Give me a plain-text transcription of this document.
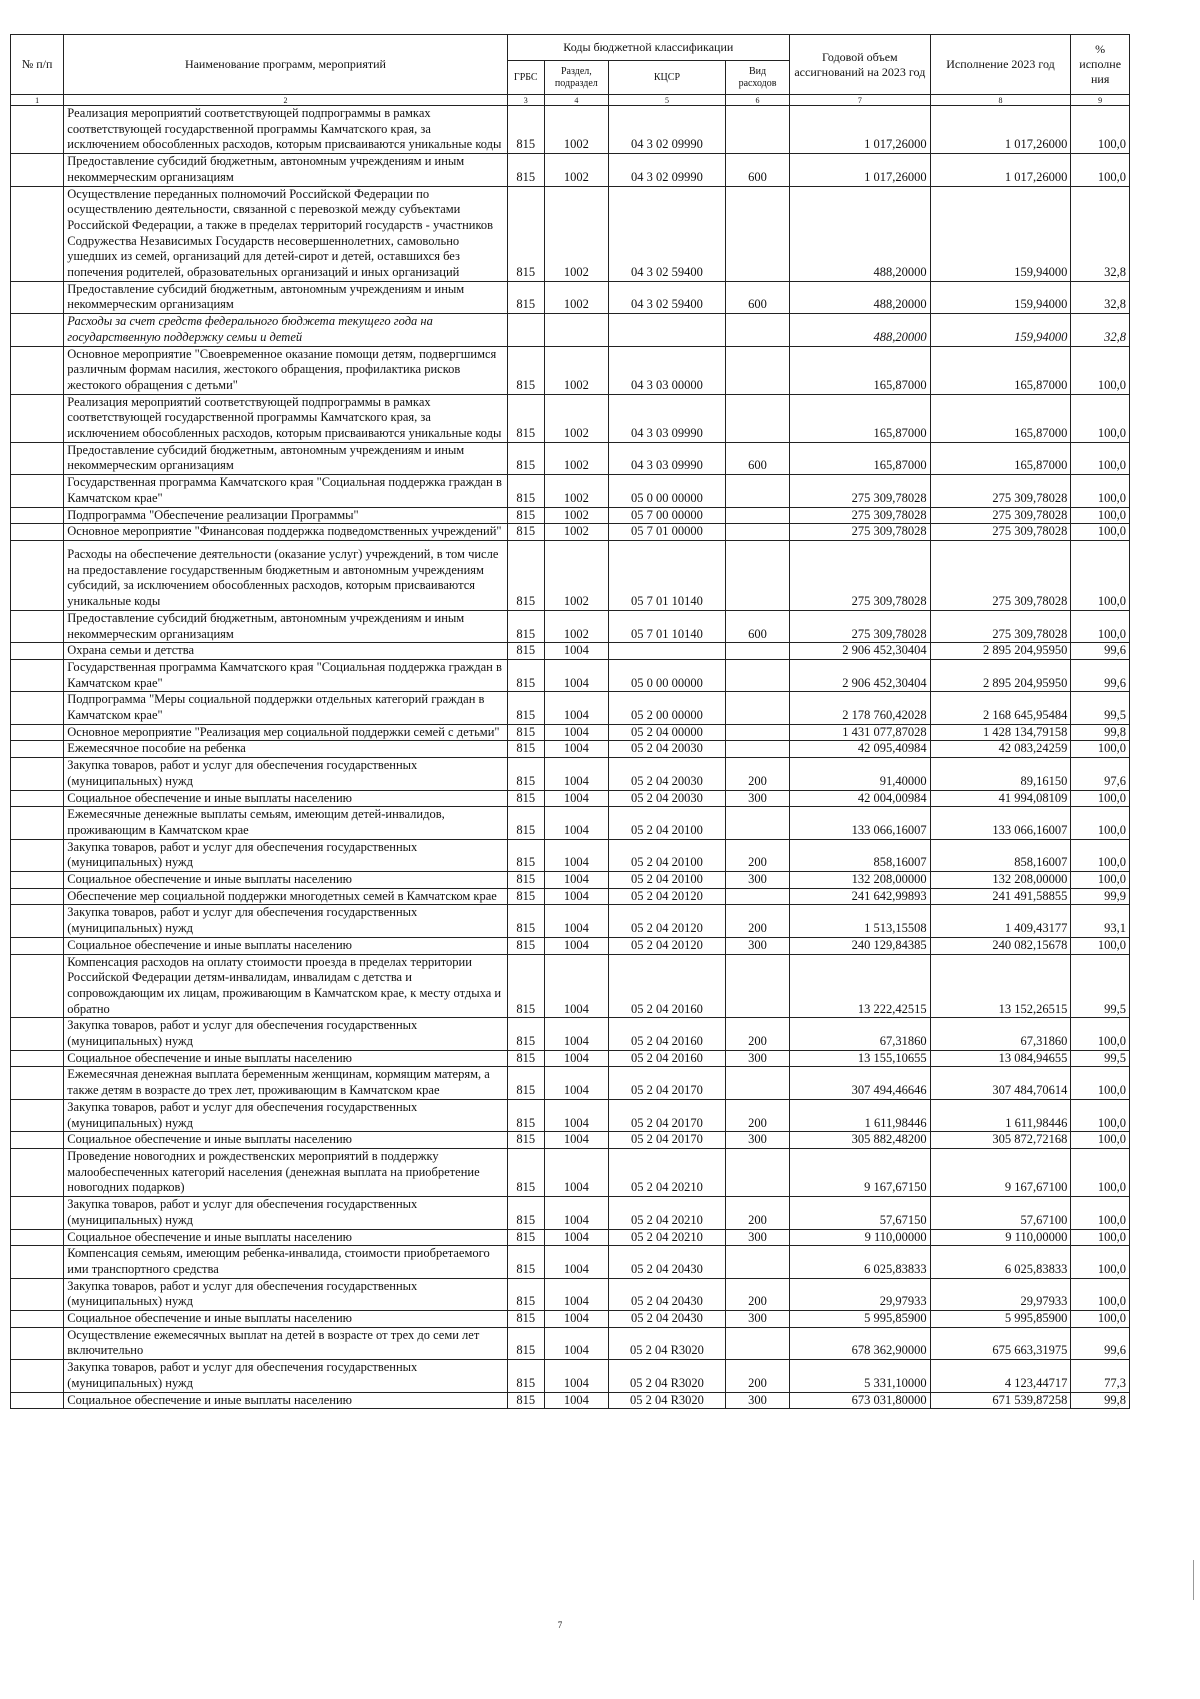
№ п/п	Наименование программ, мероприятий	Коды бюджетной классификации				Годовой объем ассигнований на 2023 год	Исполнение 2023 год	% исполне ния
		ГРБС	Раздел, подраздел	КЦСР	Вид расходов			
1	2	3	4	5	6	7	8	9
	Реализация мероприятий соответствующей подпрограммы в рамках соответствующей государственной программы Камчатского края, за исключением обособленных расходов, которым присваиваются уникальные коды	815	1002	04 3 02 09990		1 017,26000	1 017,26000	100,0
	Предоставление субсидий бюджетным, автономным учреждениям и иным некоммерческим организациям	815	1002	04 3 02 09990	600	1 017,26000	1 017,26000	100,0
	Осуществление переданных полномочий Российской Федерации по осуществлению деятельности, связанной с перевозкой между субъектами Российской Федерации, а также в пределах территорий государств - участников Содружества Независимых Государств несовершеннолетних, самовольно ушедших из семей, организаций для детей-сирот и детей, оставшихся без попечения родителей, образовательных организаций и иных организаций	815	1002	04 3 02 59400		488,20000	159,94000	32,8
	Предоставление субсидий бюджетным, автономным учреждениям и иным некоммерческим организациям	815	1002	04 3 02 59400	600	488,20000	159,94000	32,8
	Расходы за счет средств федерального бюджета текущего года на государственную поддержку семьи и детей					488,20000	159,94000	32,8
	Основное мероприятие "Своевременное оказание помощи детям, подвергшимся различным формам насилия, жестокого обращения, профилактика рисков жестокого обращения с детьми"	815	1002	04 3 03 00000		165,87000	165,87000	100,0
	Реализация мероприятий соответствующей подпрограммы в рамках соответствующей государственной программы Камчатского края, за исключением обособленных расходов, которым присваиваются уникальные коды	815	1002	04 3 03 09990		165,87000	165,87000	100,0
	Предоставление субсидий бюджетным, автономным учреждениям и иным некоммерческим организациям	815	1002	04 3 03 09990	600	165,87000	165,87000	100,0
	Государственная программа Камчатского края "Социальная поддержка граждан в Камчатском крае"	815	1002	05 0 00 00000		275 309,78028	275 309,78028	100,0
	Подпрограмма "Обеспечение реализации Программы"	815	1002	05 7 00 00000		275 309,78028	275 309,78028	100,0
	Основное мероприятие "Финансовая поддержка подведомственных учреждений"	815	1002	05 7 01 00000		275 309,78028	275 309,78028	100,0
	Расходы на обеспечение деятельности (оказание услуг) учреждений, в том числе на предоставление государственным бюджетным и автономным учреждениям субсидий, за исключением обособленных расходов, которым присваиваются уникальные коды	815	1002	05 7 01 10140		275 309,78028	275 309,78028	100,0
	Предоставление субсидий бюджетным, автономным учреждениям и иным некоммерческим организациям	815	1002	05 7 01 10140	600	275 309,78028	275 309,78028	100,0
	Охрана семьи и детства	815	1004			2 906 452,30404	2 895 204,95950	99,6
	Государственная программа Камчатского края "Социальная поддержка граждан в Камчатском крае"	815	1004	05 0 00 00000		2 906 452,30404	2 895 204,95950	99,6
	Подпрограмма "Меры социальной поддержки отдельных категорий граждан в Камчатском крае"	815	1004	05 2 00 00000		2 178 760,42028	2 168 645,95484	99,5
	Основное мероприятие "Реализация мер социальной поддержки семей с детьми"	815	1004	05 2 04 00000		1 431 077,87028	1 428 134,79158	99,8
	Ежемесячное пособие на ребенка	815	1004	05 2 04 20030		42 095,40984	42 083,24259	100,0
	Закупка товаров, работ и услуг для обеспечения государственных (муниципальных) нужд	815	1004	05 2 04 20030	200	91,40000	89,16150	97,6
	Социальное обеспечение и иные выплаты населению	815	1004	05 2 04 20030	300	42 004,00984	41 994,08109	100,0
	Ежемесячные денежные выплаты семьям, имеющим детей-инвалидов, проживающим в Камчатском крае	815	1004	05 2 04 20100		133 066,16007	133 066,16007	100,0
	Закупка товаров, работ и услуг для обеспечения государственных (муниципальных) нужд	815	1004	05 2 04 20100	200	858,16007	858,16007	100,0
	Социальное обеспечение и иные выплаты населению	815	1004	05 2 04 20100	300	132 208,00000	132 208,00000	100,0
	Обеспечение мер социальной поддержки многодетных семей в Камчатском крае	815	1004	05 2 04 20120		241 642,99893	241 491,58855	99,9
	Закупка товаров, работ и услуг для обеспечения государственных (муниципальных) нужд	815	1004	05 2 04 20120	200	1 513,15508	1 409,43177	93,1
	Социальное обеспечение и иные выплаты населению	815	1004	05 2 04 20120	300	240 129,84385	240 082,15678	100,0
	Компенсация расходов на оплату стоимости проезда в пределах территории Российской Федерации детям-инвалидам, инвалидам с детства и сопровождающим их лицам, проживающим в Камчатском крае, к месту отдыха и обратно	815	1004	05 2 04 20160		13 222,42515	13 152,26515	99,5
	Закупка товаров, работ и услуг для обеспечения государственных (муниципальных) нужд	815	1004	05 2 04 20160	200	67,31860	67,31860	100,0
	Социальное обеспечение и иные выплаты населению	815	1004	05 2 04 20160	300	13 155,10655	13 084,94655	99,5
	Ежемесячная денежная выплата беременным женщинам, кормящим матерям, а также детям в возрасте до трех лет, проживающим в Камчатском крае	815	1004	05 2 04 20170		307 494,46646	307 484,70614	100,0
	Закупка товаров, работ и услуг для обеспечения государственных (муниципальных) нужд	815	1004	05 2 04 20170	200	1 611,98446	1 611,98446	100,0
	Социальное обеспечение и иные выплаты населению	815	1004	05 2 04 20170	300	305 882,48200	305 872,72168	100,0
	Проведение новогодних и рождественских мероприятий в поддержку малообеспеченных категорий населения (денежная выплата на приобретение новогодних подарков)	815	1004	05 2 04 20210		9 167,67150	9 167,67100	100,0
	Закупка товаров, работ и услуг для обеспечения государственных (муниципальных) нужд	815	1004	05 2 04 20210	200	57,67150	57,67100	100,0
	Социальное обеспечение и иные выплаты населению	815	1004	05 2 04 20210	300	9 110,00000	9 110,00000	100,0
	Компенсация семьям, имеющим ребенка-инвалида, стоимости приобретаемого ими транспортного средства	815	1004	05 2 04 20430		6 025,83833	6 025,83833	100,0
	Закупка товаров, работ и услуг для обеспечения государственных (муниципальных) нужд	815	1004	05 2 04 20430	200	29,97933	29,97933	100,0
	Социальное обеспечение и иные выплаты населению	815	1004	05 2 04 20430	300	5 995,85900	5 995,85900	100,0
	Осуществление ежемесячных выплат на детей в возрасте от трех до семи лет включительно	815	1004	05 2 04 R3020		678 362,90000	675 663,31975	99,6
	Закупка товаров, работ и услуг для обеспечения государственных (муниципальных) нужд	815	1004	05 2 04 R3020	200	5 331,10000	4 123,44717	77,3
	Социальное обеспечение и иные выплаты населению	815	1004	05 2 04 R3020	300	673 031,80000	671 539,87258	99,8
7
